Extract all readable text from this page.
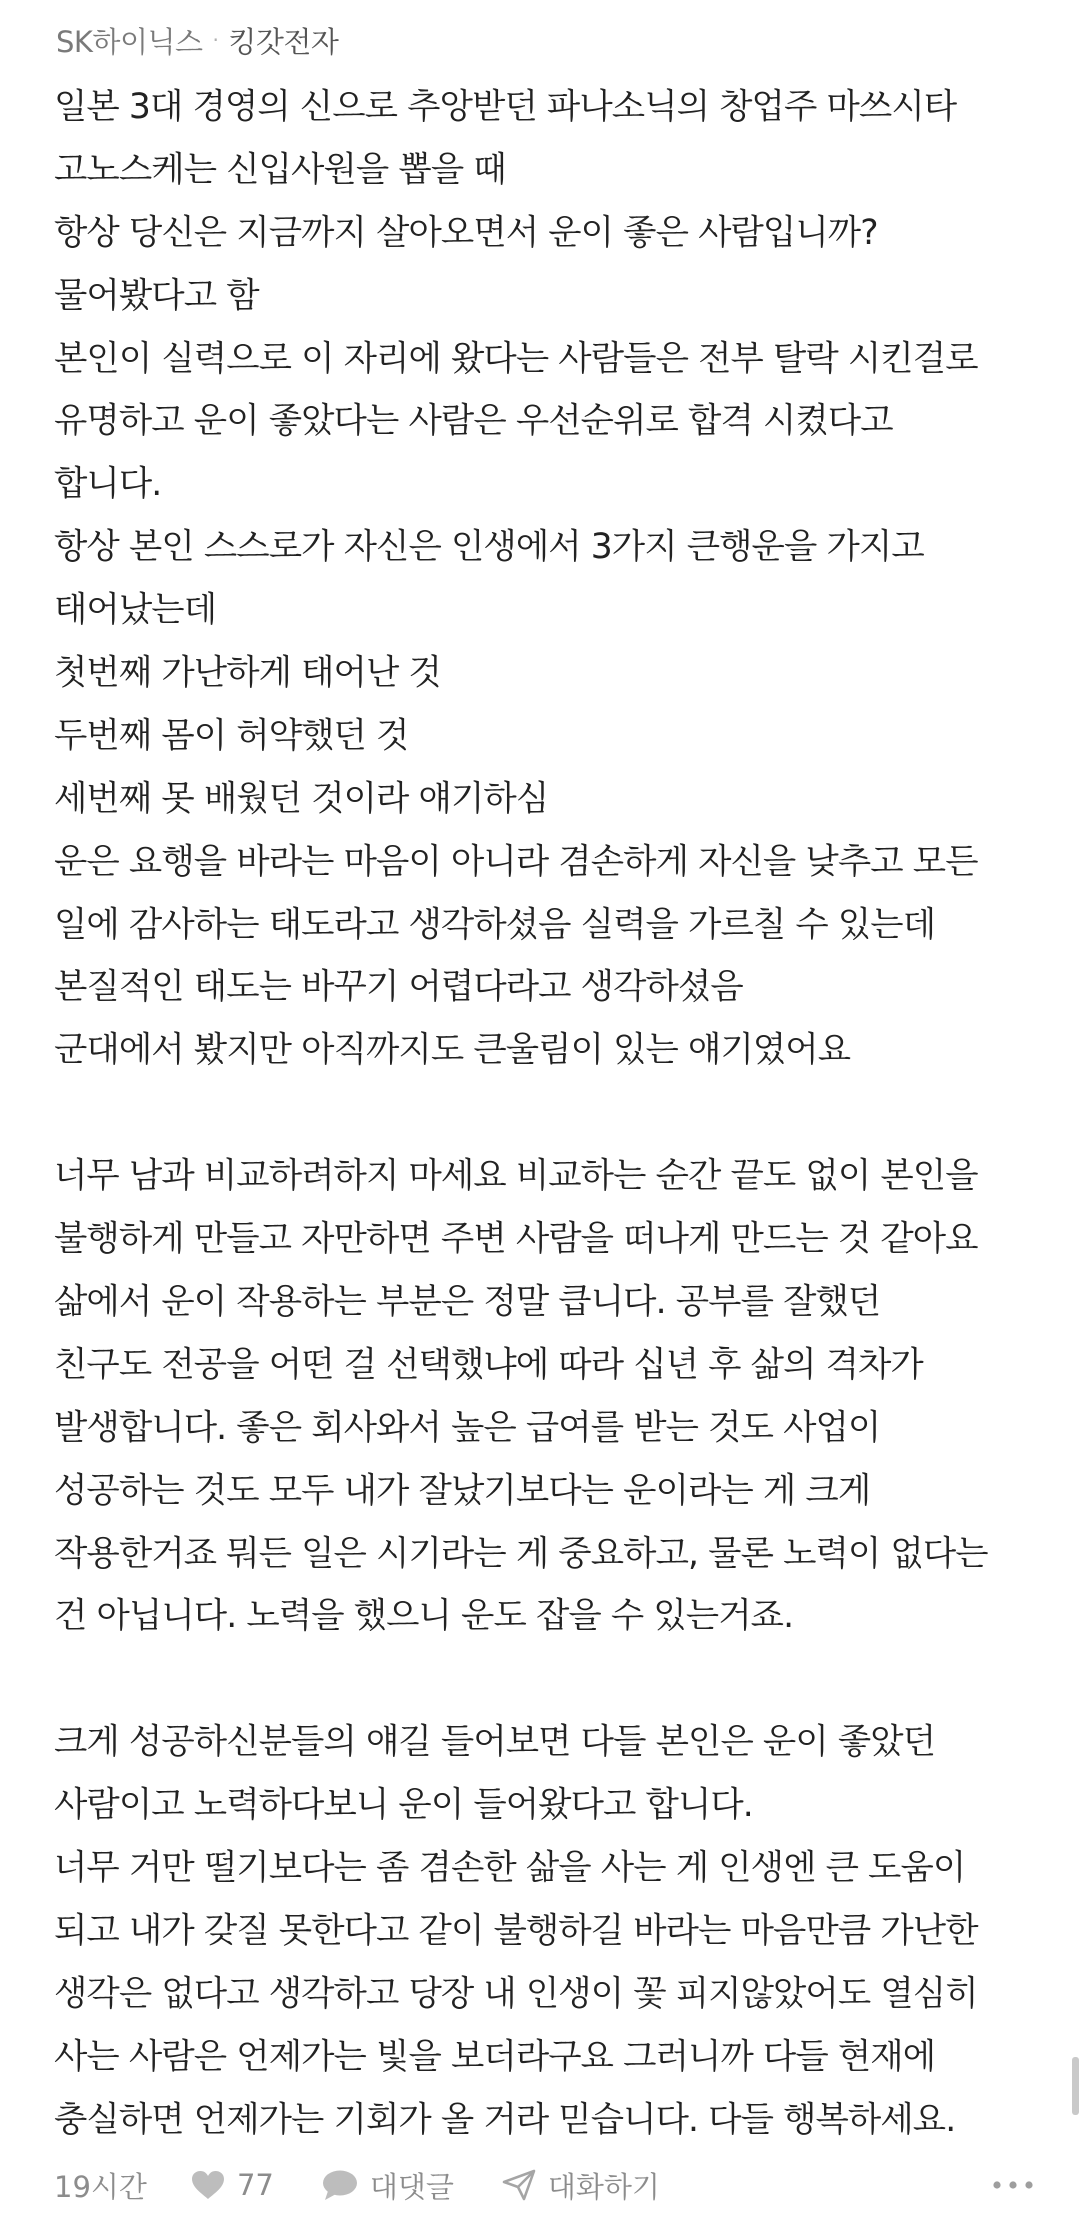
SK하이닉스 · 킹갓전자
일본 3대 경영의 신으로 추앙받던 파나소닉의 창업주 마쓰시타
고노스케는 신입사원을 뽑을 때
항상 당신은 지금까지 살아오면서 운이 좋은 사람입니까?
물어봤다고 함
본인이 실력으로 이 자리에 왔다는 사람들은 전부 탈락 시킨걸로
유명하고 운이 좋았다는 사람은 우선순위로 합격 시켰다고
합니다.
항상 본인 스스로가 자신은 인생에서 3가지 큰행운을 가지고
태어났는데
첫번째 가난하게 태어난 것
두번째 몸이 허약했던 것
세번째 못 배웠던 것이라 얘기하심
운은 요행을 바라는 마음이 아니라 겸손하게 자신을 낮추고 모든
일에 감사하는 태도라고 생각하셨음 실력을 가르칠 수 있는데
본질적인 태도는 바꾸기 어렵다라고 생각하셨음
군대에서 봤지만 아직까지도 큰울림이 있는 얘기였어요
너무 남과 비교하려하지 마세요 비교하는 순간 끝도 없이 본인을
불행하게 만들고 자만하면 주변 사람을 떠나게 만드는 것 같아요
삶에서 운이 작용하는 부분은 정말 큽니다. 공부를 잘했던
친구도 전공을 어떤 걸 선택했냐에 따라 십년 후 삶의 격차가
발생합니다. 좋은 회사와서 높은 급여를 받는 것도 사업이
성공하는 것도 모두 내가 잘났기보다는 운이라는 게 크게
작용한거죠 뭐든 일은 시기라는 게 중요하고, 물론 노력이 없다는
건 아닙니다. 노력을 했으니 운도 잡을 수 있는거죠.
크게 성공하신분들의 얘길 들어보면 다들 본인은 운이 좋았던
사람이고 노력하다보니 운이 들어왔다고 합니다.
너무 거만 떨기보다는 좀 겸손한 삶을 사는 게 인생엔 큰 도움이
되고 내가 갖질 못한다고 같이 불행하길 바라는 마음만큼 가난한
생각은 없다고 생각하고 당장 내 인생이 꽃 피지않았어도 열심히
사는 사람은 언제가는 빛을 보더라구요 그러니까 다들 현재에
충실하면 언제가는 기회가 올 거라 믿습니다. 다들 행복하세요.
19시간	77	대댓글	대화하기
